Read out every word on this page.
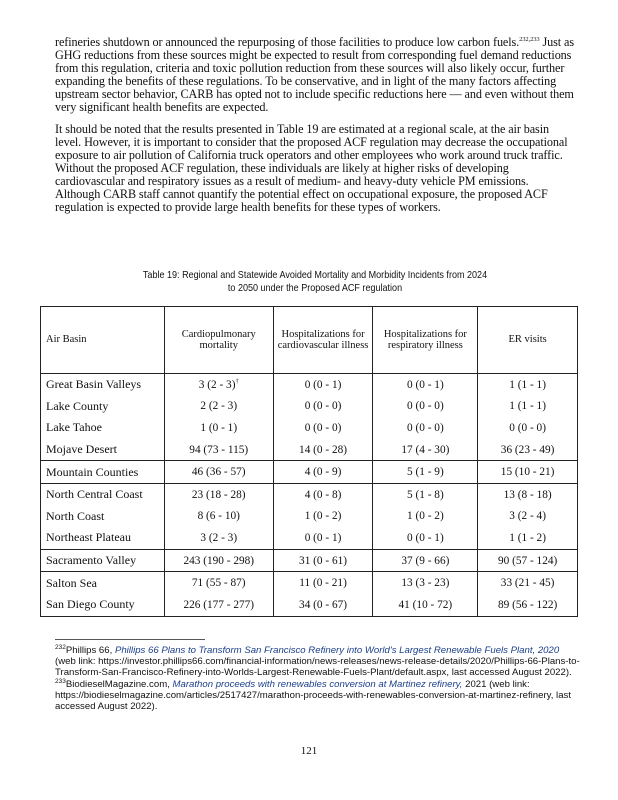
refineries shutdown or announced the repurposing of those facilities to produce low carbon fuels.$^{232,233}$ Just as GHG reductions from these sources might be expected to result from corresponding fuel demand reductions from this regulation, criteria and toxic pollution reduction from these sources will also likely occur, further expanding the benefits of these regulations. To be conservative, and in light of the many factors affecting upstream sector behavior, CARB has opted not to include specific reductions here — and even without them very significant health benefits are expected.

It should be noted that the results presented in Table 19 are estimated at a regional scale, at the air basin level. However, it is important to consider that the proposed ACF regulation may decrease the occupational exposure to air pollution of California truck operators and other employees who work around truck traffic. Without the proposed ACF regulation, these individuals are likely at higher risks of developing cardiovascular and respiratory issues as a result of medium- and heavy-duty vehicle PM emissions. Although CARB staff cannot quantify the potential effect on occupational exposure, the proposed ACF regulation is expected to provide large health benefits for these types of workers.

Table 19: Regional and Statewide Avoided Mortality and Morbidity Incidents from 2024
to 2050 under the Proposed ACF regulation
Air Basin	Cardiopulmonary mortality	Hospitalizations for cardiovascular illness	Hospitalizations for respiratory illness	ER visits
Great Basin Valleys	3 (2 - 3)†	0 (0 - 1)	0 (0 - 1)	1 (1 - 1)
Lake County	2 (2 - 3)	0 (0 - 0)	0 (0 - 0)	1 (1 - 1)
Lake Tahoe	1 (0 - 1)	0 (0 - 0)	0 (0 - 0)	0 (0 - 0)
Mojave Desert	94 (73 - 115)	14 (0 - 28)	17 (4 - 30)	36 (23 - 49)
Mountain Counties	46 (36 - 57)	4 (0 - 9)	5 (1 - 9)	15 (10 - 21)
North Central Coast	23 (18 - 28)	4 (0 - 8)	5 (1 - 8)	13 (8 - 18)
North Coast	8 (6 - 10)	1 (0 - 2)	1 (0 - 2)	3 (2 - 4)
Northeast Plateau	3 (2 - 3)	0 (0 - 1)	0 (0 - 1)	1 (1 - 2)
Sacramento Valley	243 (190 - 298)	31 (0 - 61)	37 (9 - 66)	90 (57 - 124)
Salton Sea	71 (55 - 87)	11 (0 - 21)	13 (3 - 23)	33 (21 - 45)
San Diego County	226 (177 - 277)	34 (0 - 67)	41 (10 - 72)	89 (56 - 122)
$^{232}$Phillips 66, Phillips 66 Plans to Transform San Francisco Refinery into World's Largest Renewable Fuels Plant, 2020 (web link: https://investor.phillips66.com/financial-information/news-releases/news-release-details/2020/Phillips-66-Plans-to-Transform-San-Francisco-Refinery-into-Worlds-Largest-Renewable-Fuels-Plant/default.aspx, last accessed August 2022).
$^{233}$BiodieselMagazine.com, Marathon proceeds with renewables conversion at Martinez refinery, 2021 (web link: https://biodieselmagazine.com/articles/2517427/marathon-proceeds-with-renewables-conversion-at-martinez-refinery, last accessed August 2022).
121
